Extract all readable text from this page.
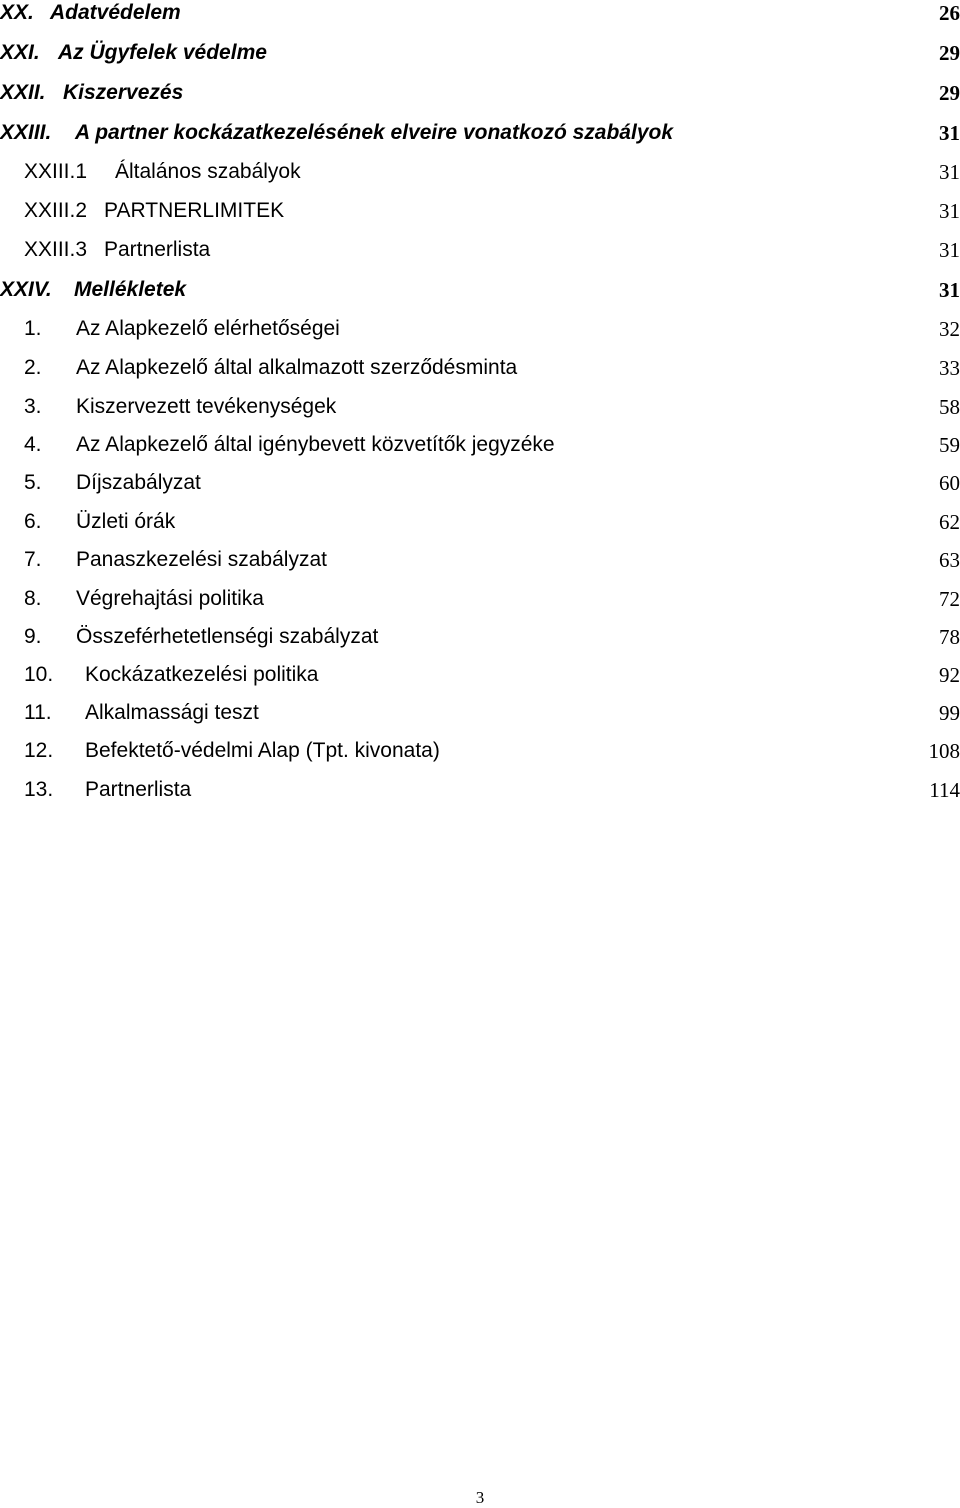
XX. Adatvédelem	26
XXI. Az Ügyfelek védelme	29
XXII. Kiszervezés	29
XXIII. A partner kockázatkezelésének elveire vonatkozó szabályok	31
XXIII.1 Általános szabályok	31
XXIII.2 PARTNERLIMITEK	31
XXIII.3 Partnerlista	31
XXIV. Mellékletek	31
1. Az Alapkezelő elérhetőségei	32
2. Az Alapkezelő által alkalmazott szerződésminta	33
3. Kiszervezett tevékenységek	58
4. Az Alapkezelő által igénybevett közvetítők jegyzéke	59
5. Díjszabályzat	60
6. Üzleti órák	62
7. Panaszkezelési szabályzat	63
8. Végrehajtási politika	72
9. Összeférhetetlenségi szabályzat	78
10. Kockázatkezelési politika	92
11. Alkalmassági teszt	99
12. Befektető-védelmi Alap (Tpt. kivonata)	108
13. Partnerlista	114
3
